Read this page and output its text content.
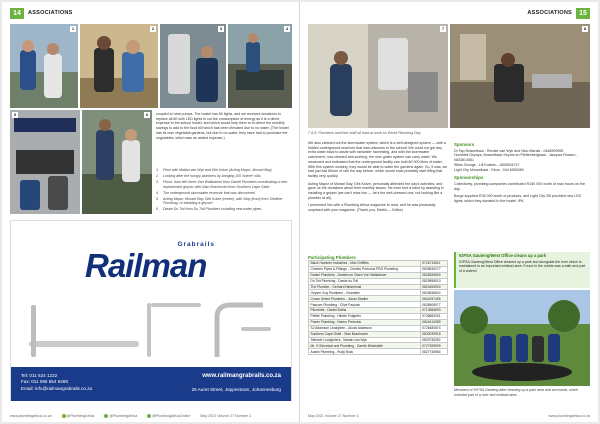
14	ASSOCIATIONS
1	2	3	4
5	6	coupled to heat pumps. The hostel has 60 lights, and we received donations to replace all 60 with LED lights to cut the consumption of energy as it is a direct expense to the school hostel, and which would help them to re-direct the monthly savings to add to the food bill which has been elevated due to no water. (The hostel has its own vegetable gardens, but due to no water, they have had to purchase the vegetables, which was an added expense.)
1.	Plum with Matlan van Wyk and Dirk Kotze (Acting Mayor, Mossel Bay).
2.	Looking after the hungry plumbers by bringing 100 'boerie' rolls.
3.	PlumL from left Owen Van Wallasboer from Daniel Plumbers coordinating a new replacement geyser with Gian Boschoven from Southern Cape Gidel.
4.	The underground stormwater reservoir that was discovered.
5.	Acting Mayor, Mossel Bay, Dirk Kotze (centre), with Stay (front) from Shelther Plumbing, re-installing a geyser!
6.	Dawie Du Toit from Du Toit Plumbers installing new water pipes.
Grabrails
Railman
Tel: 011 624 1222
Fax: 011 086 654 9488
Email: info@railmangrabrails.co.za
www.railmangrabrails.co.za
25 Auret Street, Jeppestown, Johannesburg
www.plumbingafrica.co.za	@PlumbingAfrica	@PlumbingAfrica	@PlumbingAfricaOnline	May 2021 Volume 27 Number 3
ASSOCIATIONS	15
7	8
7 & 8. Plumbers and their staff all hard at work on World Plumbing Day.

We also cleaned out the stormwater system, which is a well-designed system — with a hidden underground reservoir that was unknown to the school! We could not get any extra water back to assist with rainwater harvesting, and with the stormwater catchment, now cleaned and working, the new gutter system can carry water. We measured and estimated that the underground facility can hold 60 000 litres of water. With this system working, they would be able to water the gardens again. So, it was, we had just lost 80mm of rain the day before, which would most probably start filling that facility very quickly.

Acting Mayor of Mossel Bay, Dirk Kotze, personally attended the day's activities, and gave us the donations about their monthly issues. He even lent a hand by assisting in installing a geyser (we can't miss him — he's the well-dressed one, not looking like a plumber at all).

I presented him with a Plumbing Africa magazine to read, and he was pleasantly surprised with your magazine. (Thank you, Martin — Editor)

Participating Plumbers
Black Hammer Industries - Max Griffiths	0726715511
Cheeten Pipes & Fittings - Charles Pretorius PRO Plumbing	0828930277
Daniel Plumbers - Daniels en Owen Von Wallasboer	0828260690
Du Toit Plumbing - Dawie du Toit	0829555010
The Plumber - Gerhard Niederhold	0824454924
Geyser Guy Plumbers - Chantelle	0833546624
Crown Select Plumbers - Johan Stadler	0842257455
Pascom Plumbing - Clive Pascom	0828508977
Plumbrite - Daniel Botha	0713966690
Pettite Plumbing - Hilette Potgieter	0728683201
Power Plumbing - Nanco Pretorius	0824410089
SJ Adamson Leodgleen - Alouis Adamson	0728480874
Southern Cape Gidel - Sian Boschoven	0832039918
Stehwel Loodgieters - Marlan van Wyk	0829735392
Mr. G Electrical and Plumbing - Gareth Birtwhistle	0727399999
Austin Plumbing - Rudy Bock	0827746984
Sponsors
Dr Tap Mosselbaai - Renate van Wyk and Nico Marais - 0448909955
Humbfelt Geysys, Mosselbaai, Keyms en Plettenbergbaai - Jacques Rosseu - 0833814561
Stiles George - Lili Kuisten - 0828934747
Light City Mosselbaai - Elma - 044 6950360
Sponsorships

Collectively, plumbing companies contributed R150 000 worth of man hours on the day.

Borge supplied R35 000 worth of products, and Light City SB provided new LED lights, which they donated to the hostel. IPA

IOPSA Gauteng/West Office cleans up a park
IOPSA Gauteng/West Office cleaned up a park and alongside the river which is maintained to an important wetland area. Found in the rubble was a bath and part of a cistern!
Members of IOPSA Gauteng after cleaning up a park area and surrounds, which included part of a river and wetland area.
May 2021 Volume 27 Number 3	www.plumbingafrica.co.za
